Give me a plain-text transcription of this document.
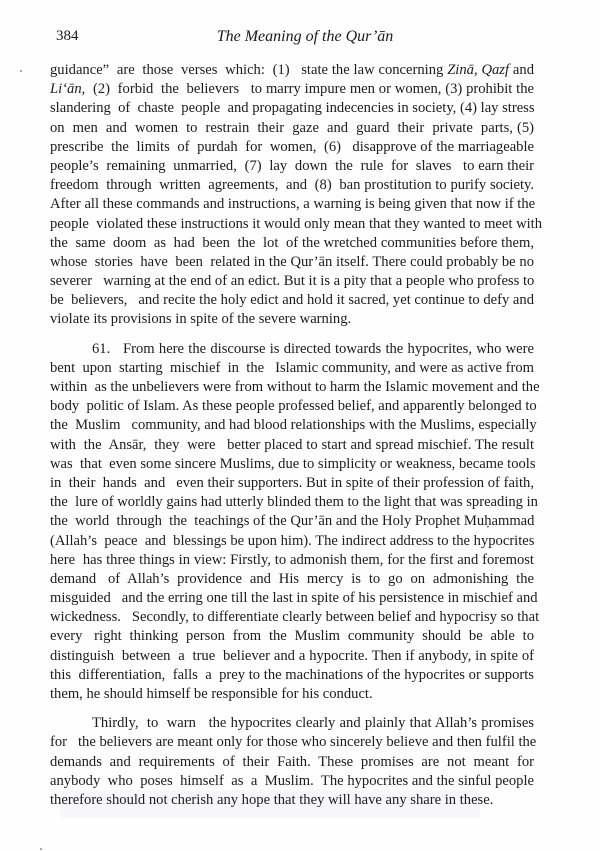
384	The Meaning of the Qur’ān
guidance”  are  those  verses  which:  (1)   state the law concerning Zinā, Qazf and
Li‘ān,  (2)  forbid  the  believers   to marry impure men or women, (3) prohibit the
slandering  of  chaste  people  and propagating indecencies in society, (4) lay stress
on  men  and  women  to  restrain  their  gaze  and  guard  their  private  parts, (5)
prescribe  the  limits  of  purdah  for  women,  (6)   disapprove of the marriageable
people’s  remaining  unmarried,  (7)  lay  down  the  rule  for  slaves   to earn their
freedom  through  written  agreements,  and  (8)  ban prostitution to purify society.
After all these commands and instructions, a warning is being given that now if the
people  violated these instructions it would only mean that they wanted to meet with
the  same  doom  as  had  been  the  lot  of the wretched communities before them,
whose  stories  have  been  related in the Qur’ān itself. There could probably be no
severer   warning at the end of an edict. But it is a pity that a people who profess to
be  believers,   and recite the holy edict and hold it sacred, yet continue to defy and
violate its provisions in spite of the severe warning.
61.   From here the discourse is directed towards the hypocrites, who were
bent  upon  starting  mischief  in  the   Islamic community, and were as active from
within  as the unbelievers were from without to harm the Islamic movement and the
body  politic of Islam. As these people professed belief, and apparently belonged to
the  Muslim   community, and had blood relationships with the Muslims, especially
with  the  Ansār,  they  were   better placed to start and spread mischief. The result
was  that  even some sincere Muslims, due to simplicity or weakness, became tools
in  their  hands  and   even their supporters. But in spite of their profession of faith,
the  lure of worldly gains had utterly blinded them to the light that was spreading in
the  world  through  the  teachings of the Qur’ān and the Holy Prophet Muḥammad
(Allah’s  peace  and  blessings be upon him). The indirect address to the hypocrites
here  has three things in view: Firstly, to admonish them, for the first and foremost
demand   of  Allah’s  providence  and  His  mercy  is  to  go  on  admonishing  the
misguided   and the erring one till the last in spite of his persistence in mischief and
wickedness.   Secondly, to differentiate clearly between belief and hypocrisy so that
every   right  thinking  person  from  the  Muslim  community  should  be  able  to
distinguish  between  a  true  believer and a hypocrite. Then if anybody, in spite of
this  differentiation,  falls  a  prey to the machinations of the hypocrites or supports
them, he should himself be responsible for his conduct.
Thirdly,  to  warn   the hypocrites clearly and plainly that Allah’s promises
for   the believers are meant only for those who sincerely believe and then fulfil the
demands  and  requirements  of  their  Faith.  These  promises  are  not  meant  for
anybody  who  poses  himself  as  a  Muslim.  The hypocrites and the sinful people
therefore should not cherish any hope that they will have any share in these.
